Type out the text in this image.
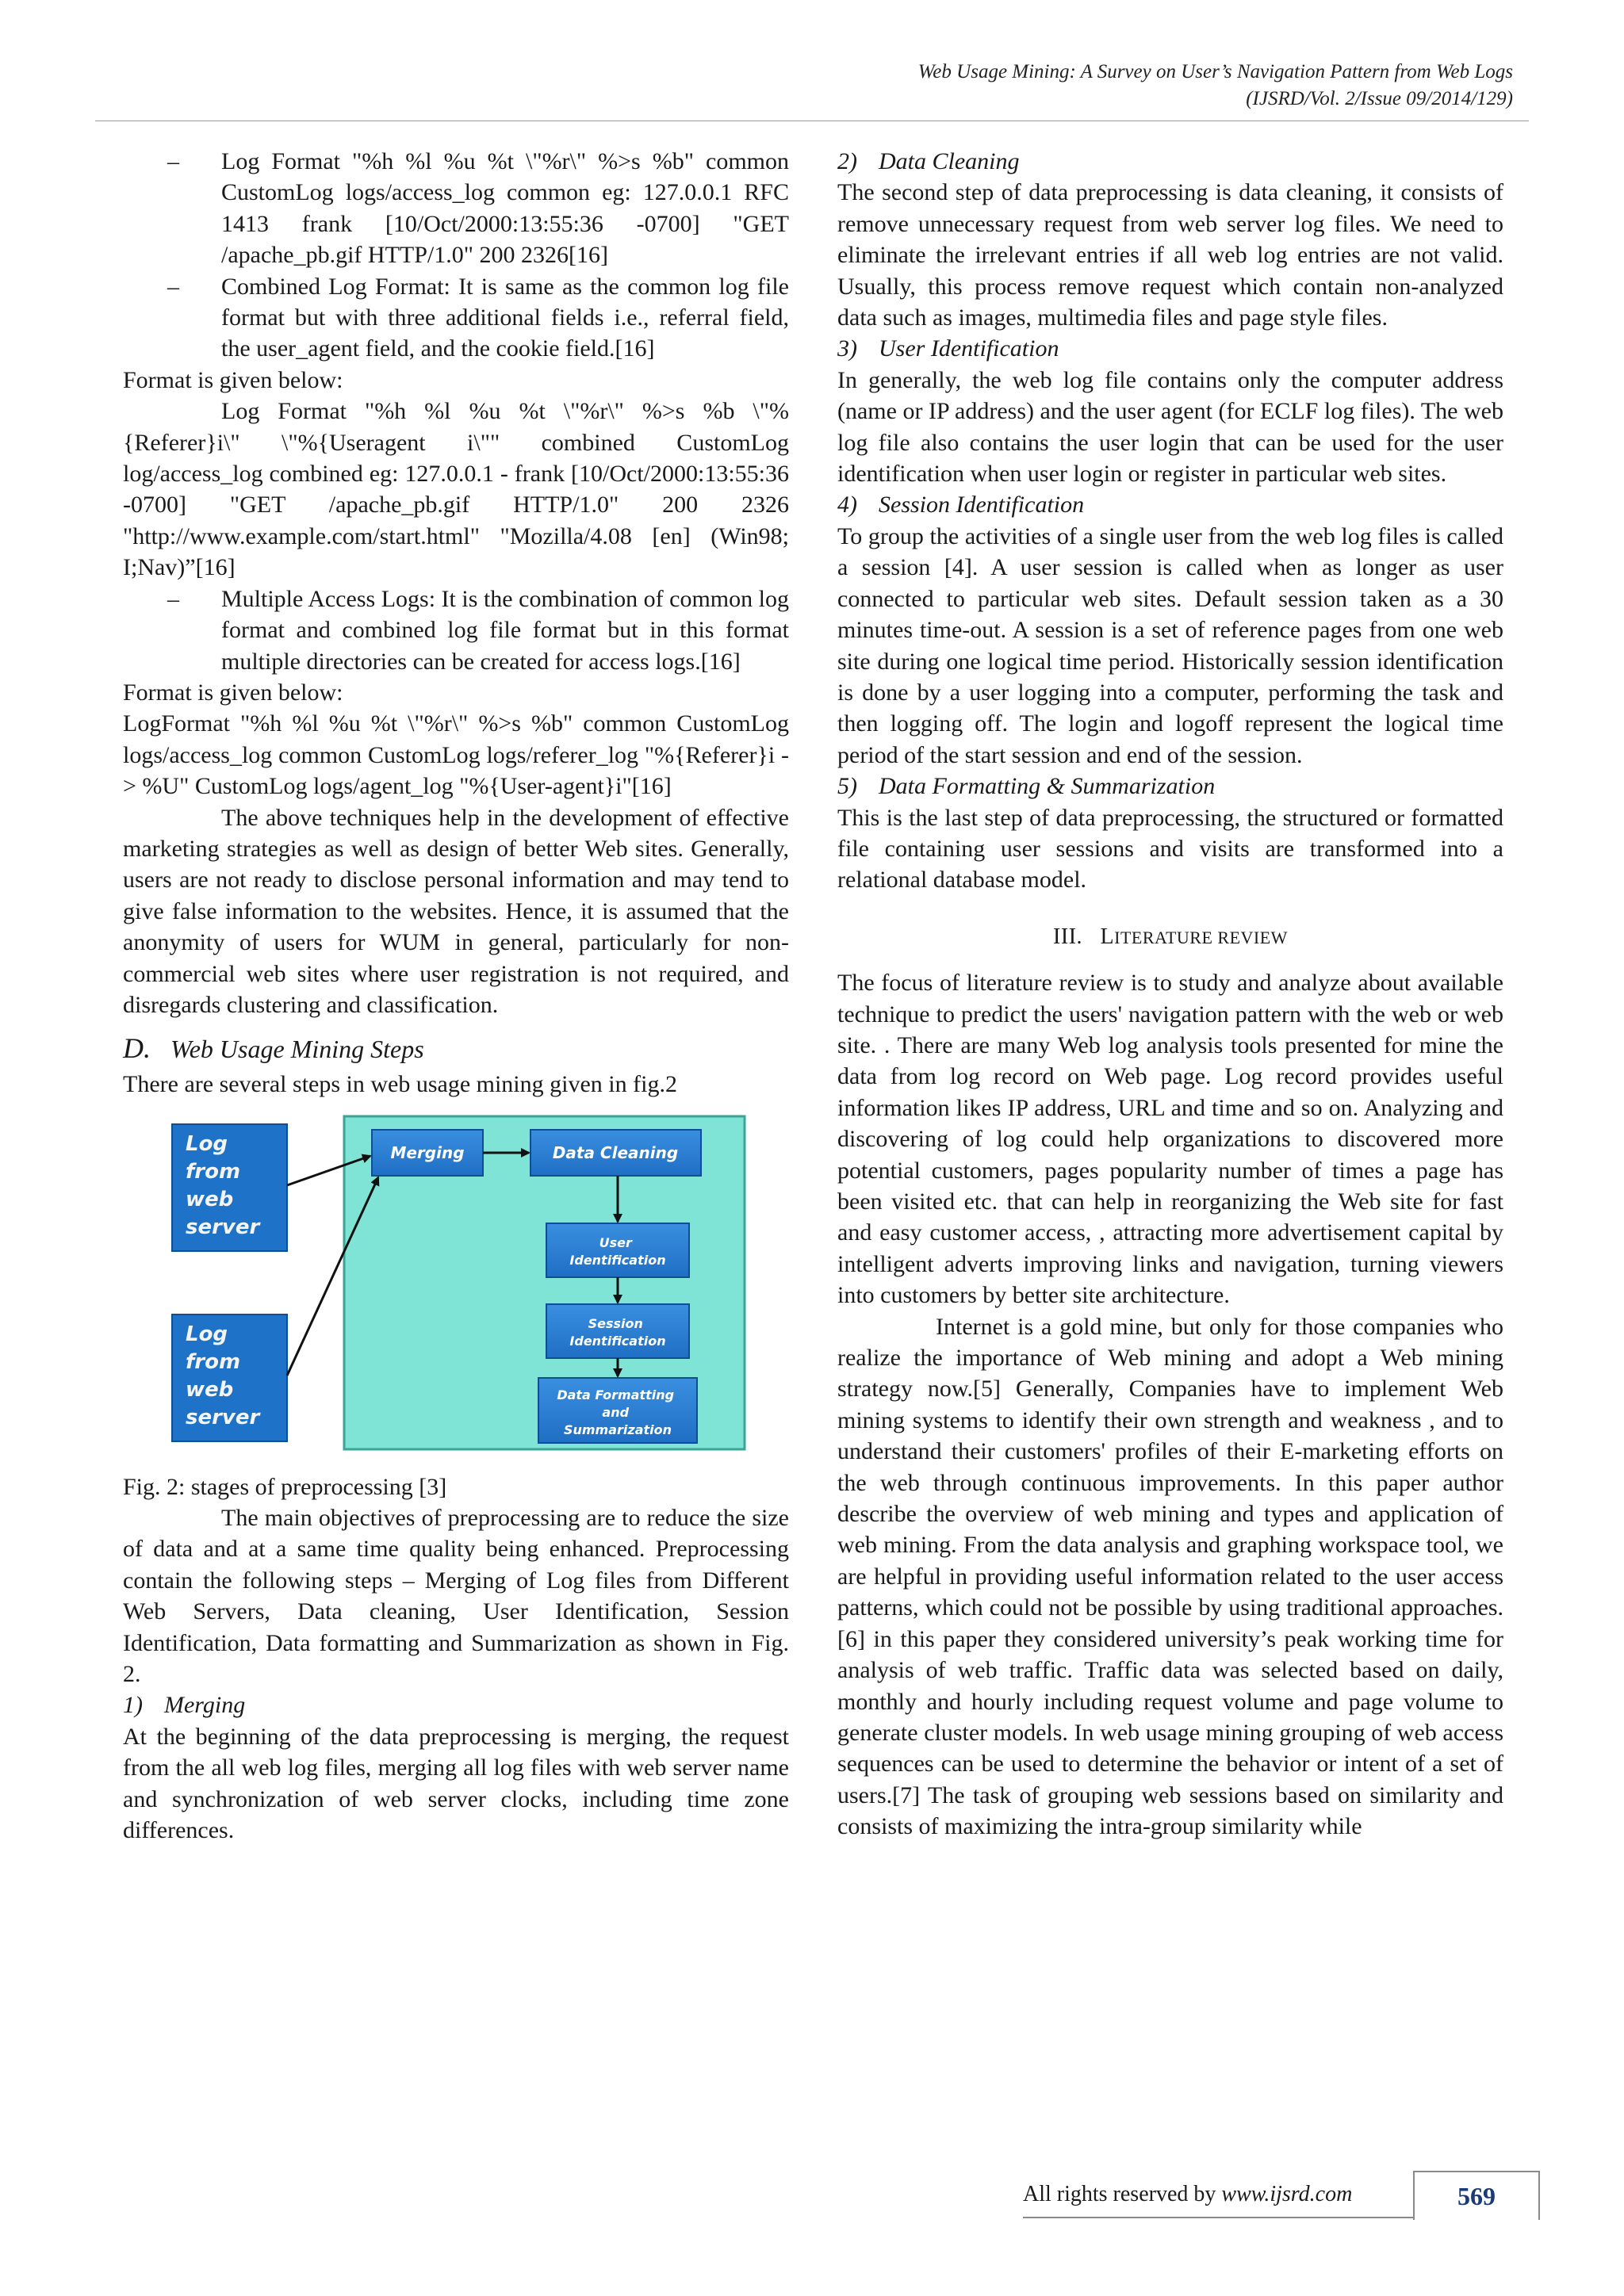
Web Usage Mining: A Survey on User’s Navigation Pattern from Web Logs
(IJSRD/Vol. 2/Issue 09/2014/129)

– Log Format "%h %l %u %t \"%r\" %>s %b" common CustomLog logs/access_log common eg: 127.0.0.1 RFC 1413 frank [10/Oct/2000:13:55:36 -0700] "GET /apache_pb.gif HTTP/1.0" 200 2326[16]

– Combined Log Format: It is same as the common log file format but with three additional fields i.e., referral field, the user_agent field, and the cookie field.[16]

Format is given below:

Log Format "%h %l %u %t \"%r\" %>s %b \"%{Referer}i\" \"%{Useragent i\"" combined CustomLog log/access_log combined eg: 127.0.0.1 - frank [10/Oct/2000:13:55:36 -0700] "GET /apache_pb.gif HTTP/1.0" 200 2326 "http://www.example.com/start.html" "Mozilla/4.08 [en] (Win98; I;Nav)”[16]

– Multiple Access Logs: It is the combination of common log format and combined log file format but in this format multiple directories can be created for access logs.[16]

Format is given below:

LogFormat "%h %l %u %t \"%r\" %>s %b" common CustomLog logs/access_log common CustomLog logs/referer_log "%{Referer}i -> %U" CustomLog logs/agent_log "%{User-agent}i"[16]

The above techniques help in the development of effective marketing strategies as well as design of better Web sites. Generally, users are not ready to disclose personal information and may tend to give false information to the websites. Hence, it is assumed that the anonymity of users for WUM in general, particularly for non-commercial web sites where user registration is not required, and disregards clustering and classification.

D. Web Usage Mining Steps

There are several steps in web usage mining given in fig.2

Log from web server
Log from web server
Merging	Data Cleaning
User Identification
Session Identification
Data Formatting and Summarization

Fig. 2: stages of preprocessing [3]

The main objectives of preprocessing are to reduce the size of data and at a same time quality being enhanced. Preprocessing contain the following steps – Merging of Log files from Different Web Servers, Data cleaning, User Identification, Session Identification, Data formatting and Summarization as shown in Fig. 2.

1) Merging

At the beginning of the data preprocessing is merging, the request from the all web log files, merging all log files with web server name and synchronization of web server clocks, including time zone differences.

2) Data Cleaning

The second step of data preprocessing is data cleaning, it consists of remove unnecessary request from web server log files. We need to eliminate the irrelevant entries if all web log entries are not valid. Usually, this process remove request which contain non-analyzed data such as images, multimedia files and page style files.

3) User Identification

In generally, the web log file contains only the computer address (name or IP address) and the user agent (for ECLF log files). The web log file also contains the user login that can be used for the user identification when user login or register in particular web sites.

4) Session Identification

To group the activities of a single user from the web log files is called a session [4]. A user session is called when as longer as user connected to particular web sites. Default session taken as a 30 minutes time-out. A session is a set of reference pages from one web site during one logical time period. Historically session identification is done by a user logging into a computer, performing the task and then logging off. The login and logoff represent the logical time period of the start session and end of the session.

5) Data Formatting & Summarization

This is the last step of data preprocessing, the structured or formatted file containing user sessions and visits are transformed into a relational database model.

III. LITERATURE REVIEW

The focus of literature review is to study and analyze about available technique to predict the users' navigation pattern with the web or web site. . There are many Web log analysis tools presented for mine the data from log record on Web page. Log record provides useful information likes IP address, URL and time and so on. Analyzing and discovering of log could help organizations to discovered more potential customers, pages popularity number of times a page has been visited etc. that can help in reorganizing the Web site for fast and easy customer access, , attracting more advertisement capital by intelligent adverts improving links and navigation, turning viewers into customers by better site architecture.

Internet is a gold mine, but only for those companies who realize the importance of Web mining and adopt a Web mining strategy now.[5] Generally, Companies have to implement Web mining systems to identify their own strength and weakness , and to understand their customers' profiles of their E-marketing efforts on the web through continuous improvements. In this paper author describe the overview of web mining and types and application of web mining. From the data analysis and graphing workspace tool, we are helpful in providing useful information related to the user access patterns, which could not be possible by using traditional approaches.[6] in this paper they considered university’s peak working time for analysis of web traffic. Traffic data was selected based on daily, monthly and hourly including request volume and page volume to generate cluster models. In web usage mining grouping of web access sequences can be used to determine the behavior or intent of a set of users.[7] The task of grouping web sessions based on similarity and consists of maximizing the intra-group similarity while

All rights reserved by www.ijsrd.com	569
